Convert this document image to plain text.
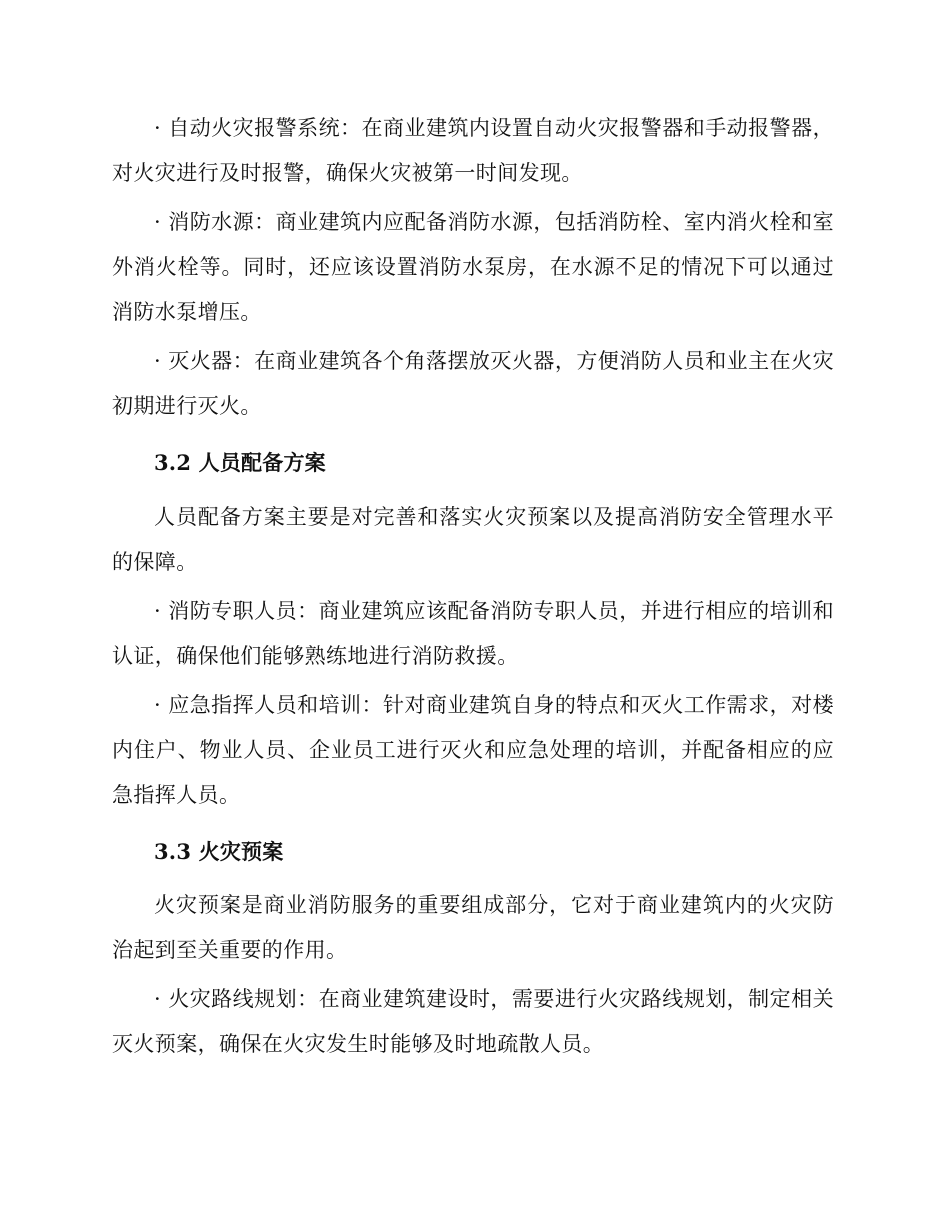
· 自动火灾报警系统：在商业建筑内设置自动火灾报警器和手动报警器，对火灾进行及时报警，确保火灾被第一时间发现。

· 消防水源：商业建筑内应配备消防水源，包括消防栓、室内消火栓和室外消火栓等。同时，还应该设置消防水泵房，在水源不足的情况下可以通过消防水泵增压。

· 灭火器：在商业建筑各个角落摆放灭火器，方便消防人员和业主在火灾初期进行灭火。

3.2 人员配备方案

人员配备方案主要是对完善和落实火灾预案以及提高消防安全管理水平的保障。

· 消防专职人员：商业建筑应该配备消防专职人员，并进行相应的培训和认证，确保他们能够熟练地进行消防救援。

· 应急指挥人员和培训：针对商业建筑自身的特点和灭火工作需求，对楼内住户、物业人员、企业员工进行灭火和应急处理的培训，并配备相应的应急指挥人员。

3.3 火灾预案

火灾预案是商业消防服务的重要组成部分，它对于商业建筑内的火灾防治起到至关重要的作用。

· 火灾路线规划：在商业建筑建设时，需要进行火灾路线规划，制定相关灭火预案，确保在火灾发生时能够及时地疏散人员。
